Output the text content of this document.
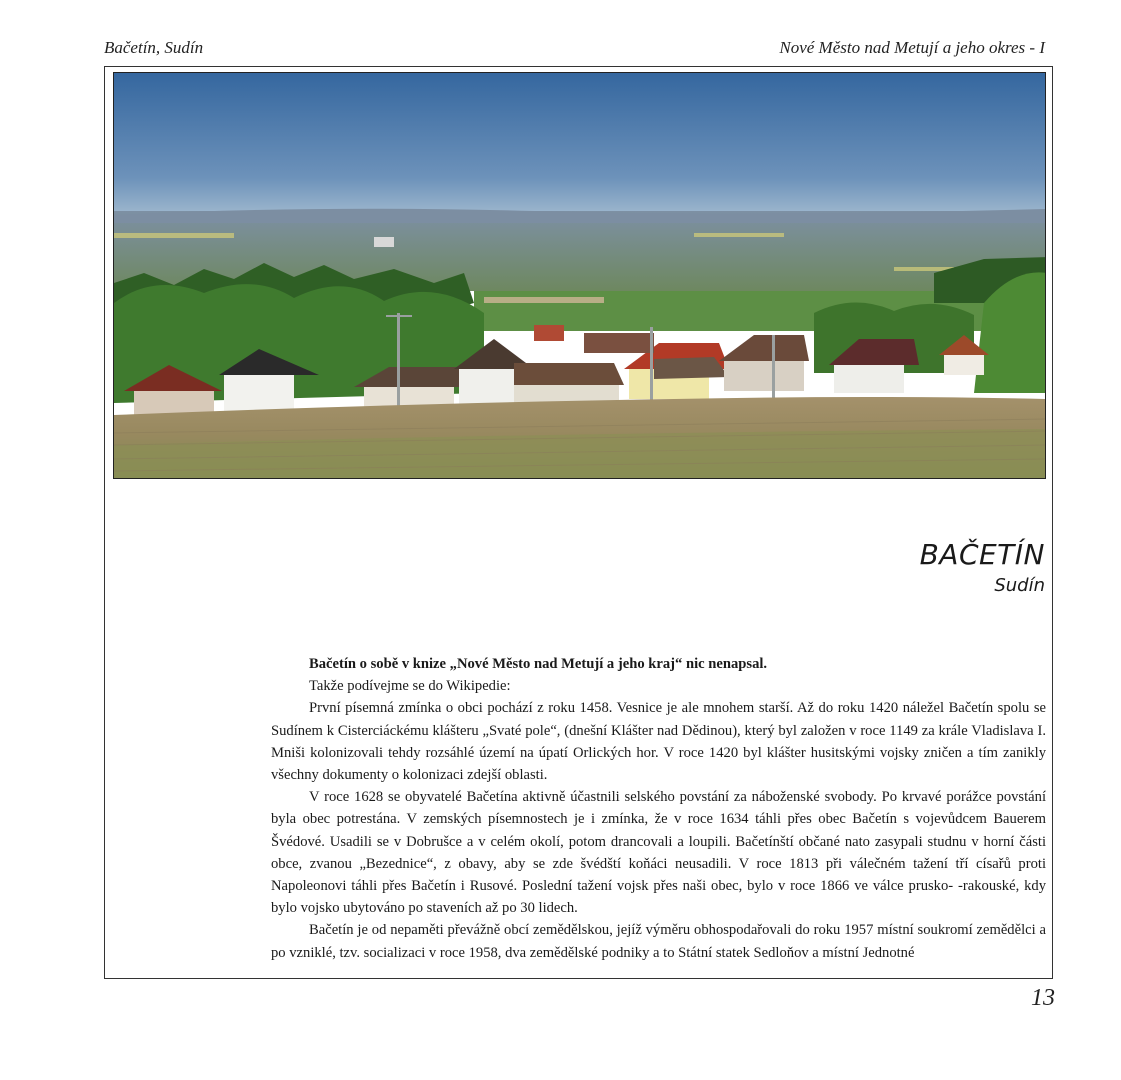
Bačetín, Sudín	Nové Město nad Metují a jeho okres - I
BAČETÍN
Sudín

Bačetín o sobě v knize „Nové Město nad Metují a jeho kraj“ nic nenapsal.

Takže podívejme se do Wikipedie:

První písemná zmínka o obci pochází z roku 1458. Vesnice je ale mnohem starší. Až do roku 1420 náležel Bačetín spolu se Sudínem k Cisterciáckému klášteru „Svaté pole“, (dnešní Klášter nad Dědinou), který byl založen v roce 1149 za krále Vladislava I. Mniši kolonizovali tehdy rozsáhlé území na úpatí Orlických hor. V roce 1420 byl klášter husitskými vojsky zničen a tím zanikly všechny dokumenty o kolonizaci zdejší oblasti.

V roce 1628 se obyvatelé Bačetína aktivně účastnili selského povstání za náboženské svobody. Po krvavé porážce povstání byla obec potrestána. V zemských písemnostech je i zmínka, že v roce 1634 táhli přes obec Bačetín s vojevůdcem Bauerem Švédové. Usadili se v Dobrušce a v celém okolí, potom drancovali a loupili. Bačetínští občané nato zasypali studnu v horní části obce, zvanou „Bezednice“, z obavy, aby se zde švédští koňáci neusadili. V roce 1813 při válečném tažení tří císařů proti Napoleonovi táhli přes Bačetín i Rusové. Poslední tažení vojsk přes naši obec, bylo v roce 1866 ve válce prusko- -rakouské, kdy bylo vojsko ubytováno po staveních až po 30 lidech.

Bačetín je od nepaměti převážně obcí zemědělskou, jejíž výměru obhospodařovali do roku 1957 místní soukromí zemědělci a po vzniklé, tzv. socializaci v roce 1958, dva zemědělské podniky a to Státní statek Sedloňov a místní Jednotné

13
